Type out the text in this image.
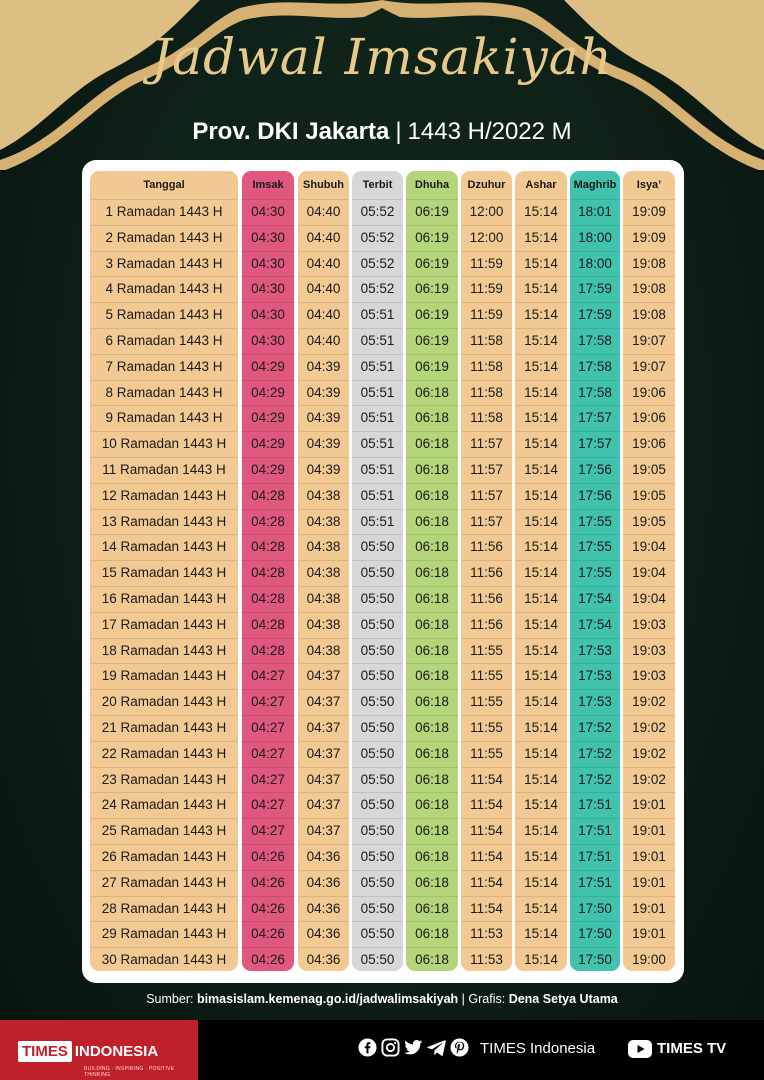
Jadwal Imsakiyah
Prov. DKI Jakarta | 1443 H/2022 M
Tanggal
1 Ramadan 1443 H
2 Ramadan 1443 H
3 Ramadan 1443 H
4 Ramadan 1443 H
5 Ramadan 1443 H
6 Ramadan 1443 H
7 Ramadan 1443 H
8 Ramadan 1443 H
9 Ramadan 1443 H
10 Ramadan 1443 H
11 Ramadan 1443 H
12 Ramadan 1443 H
13 Ramadan 1443 H
14 Ramadan 1443 H
15 Ramadan 1443 H
16 Ramadan 1443 H
17 Ramadan 1443 H
18 Ramadan 1443 H
19 Ramadan 1443 H
20 Ramadan 1443 H
21 Ramadan 1443 H
22 Ramadan 1443 H
23 Ramadan 1443 H
24 Ramadan 1443 H
25 Ramadan 1443 H
26 Ramadan 1443 H
27 Ramadan 1443 H
28 Ramadan 1443 H
29 Ramadan 1443 H
30 Ramadan 1443 H
Imsak
04:30
04:30
04:30
04:30
04:30
04:30
04:29
04:29
04:29
04:29
04:29
04:28
04:28
04:28
04:28
04:28
04:28
04:28
04:27
04:27
04:27
04:27
04:27
04:27
04:27
04:26
04:26
04:26
04:26
04:26
Shubuh
04:40
04:40
04:40
04:40
04:40
04:40
04:39
04:39
04:39
04:39
04:39
04:38
04:38
04:38
04:38
04:38
04:38
04:38
04:37
04:37
04:37
04:37
04:37
04:37
04:37
04:36
04:36
04:36
04:36
04:36
Terbit
05:52
05:52
05:52
05:52
05:51
05:51
05:51
05:51
05:51
05:51
05:51
05:51
05:51
05:50
05:50
05:50
05:50
05:50
05:50
05:50
05:50
05:50
05:50
05:50
05:50
05:50
05:50
05:50
05:50
05:50
Dhuha
06:19
06:19
06:19
06:19
06:19
06:19
06:19
06:18
06:18
06:18
06:18
06:18
06:18
06:18
06:18
06:18
06:18
06:18
06:18
06:18
06:18
06:18
06:18
06:18
06:18
06:18
06:18
06:18
06:18
06:18
Dzuhur
12:00
12:00
11:59
11:59
11:59
11:58
11:58
11:58
11:58
11:57
11:57
11:57
11:57
11:56
11:56
11:56
11:56
11:55
11:55
11:55
11:55
11:55
11:54
11:54
11:54
11:54
11:54
11:54
11:53
11:53
Ashar
15:14
15:14
15:14
15:14
15:14
15:14
15:14
15:14
15:14
15:14
15:14
15:14
15:14
15:14
15:14
15:14
15:14
15:14
15:14
15:14
15:14
15:14
15:14
15:14
15:14
15:14
15:14
15:14
15:14
15:14
Maghrib
18:01
18:00
18:00
17:59
17:59
17:58
17:58
17:58
17:57
17:57
17:56
17:56
17:55
17:55
17:55
17:54
17:54
17:53
17:53
17:53
17:52
17:52
17:52
17:51
17:51
17:51
17:51
17:50
17:50
17:50
Isya’
19:09
19:09
19:08
19:08
19:08
19:07
19:07
19:06
19:06
19:06
19:05
19:05
19:05
19:04
19:04
19:04
19:03
19:03
19:03
19:02
19:02
19:02
19:02
19:01
19:01
19:01
19:01
19:01
19:01
19:00
Sumber: bimasislam.kemenag.go.id/jadwalimsakiyah | Grafis: Dena Setya Utama
TIMES INDONESIA
BUILDING · INSPIRING · POSITIVE THINKING
TIMES Indonesia	TIMES TV
